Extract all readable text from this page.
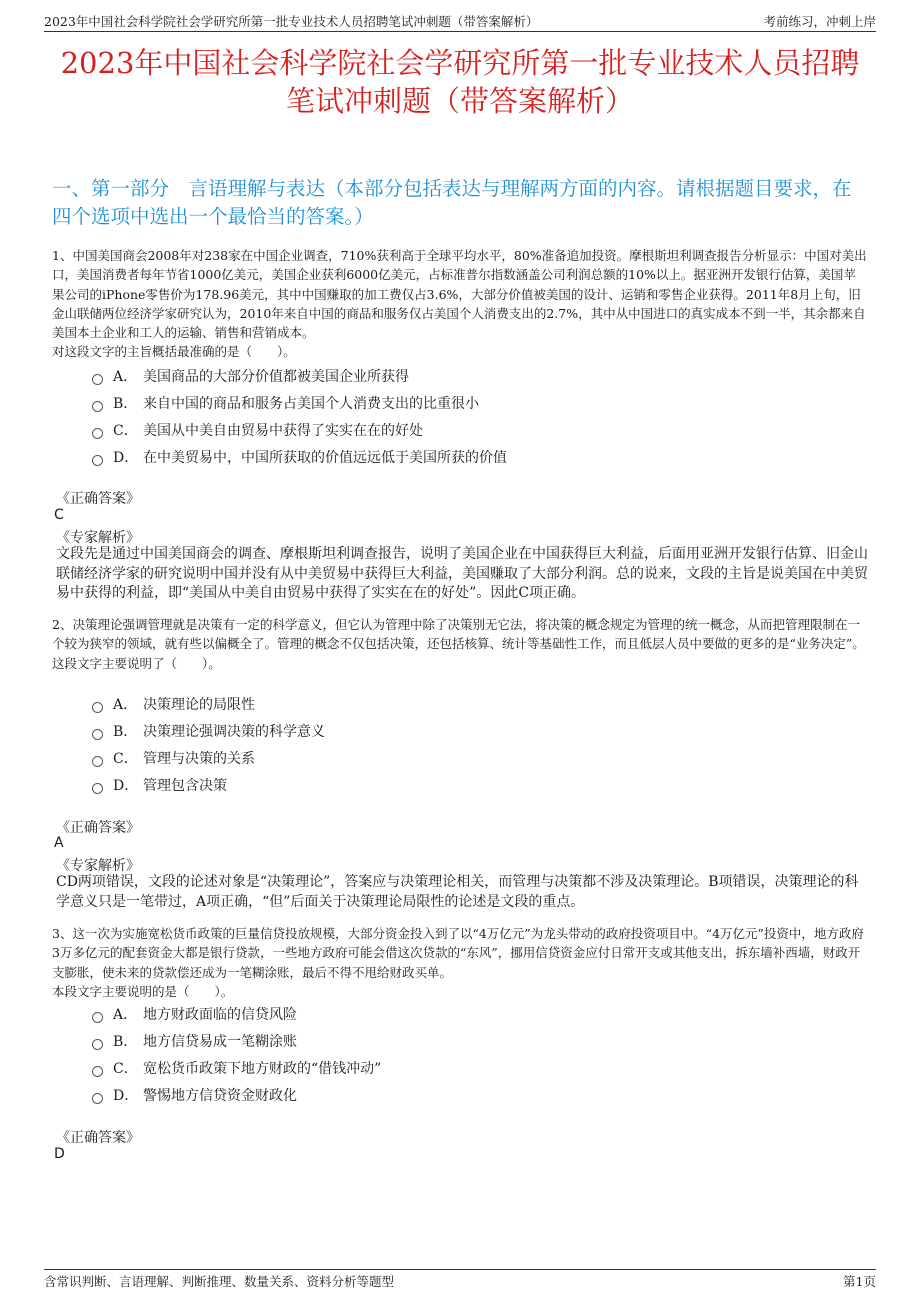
2023年中国社会科学院社会学研究所第一批专业技术人员招聘笔试冲刺题（带答案解析）	考前练习，冲刺上岸
2023年中国社会科学院社会学研究所第一批专业技术人员招聘
笔试冲刺题（带答案解析）
一、第一部分　言语理解与表达（本部分包括表达与理解两方面的内容。请根据题目要求，在四个选项中选出一个最恰当的答案。）

1、中国美国商会2008年对238家在中国企业调查，710%获利高于全球平均水平，80%准备追加投资。摩根斯坦利调查报告分析显示：中国对美出口，美国消费者每年节省1000亿美元，美国企业获利6000亿美元，占标准普尔指数涵盖公司利润总额的10%以上。据亚洲开发银行估算，美国苹果公司的iPhone零售价为178.96美元，其中中国赚取的加工费仅占3.6%，大部分价值被美国的设计、运销和零售企业获得。2011年8月上旬，旧金山联储两位经济学家研究认为，2010年来自中国的商品和服务仅占美国个人消费支出的2.7%，其中从中国进口的真实成本不到一半，其余都来自美国本土企业和工人的运输、销售和营销成本。

对这段文字的主旨概括最准确的是（　　）。

A． 美国商品的大部分价值都被美国企业所获得
B． 来自中国的商品和服务占美国个人消费支出的比重很小
C． 美国从中美自由贸易中获得了实实在在的好处
D． 在中美贸易中，中国所获取的价值远远低于美国所获的价值
《正确答案》
C
《专家解析》
文段先是通过中国美国商会的调查、摩根斯坦利调查报告，说明了美国企业在中国获得巨大利益，后面用亚洲开发银行估算、旧金山联储经济学家的研究说明中国并没有从中美贸易中获得巨大利益，美国赚取了大部分利润。总的说来，文段的主旨是说美国在中美贸易中获得的利益，即“美国从中美自由贸易中获得了实实在在的好处”。因此C项正确。

2、决策理论强调管理就是决策有一定的科学意义，但它认为管理中除了决策别无它法，将决策的概念规定为管理的统一概念，从而把管理限制在一个较为狭窄的领域，就有些以偏概全了。管理的概念不仅包括决策，还包括核算、统计等基础性工作，而且低层人员中要做的更多的是“业务决定”。

这段文字主要说明了（　　）。

A． 决策理论的局限性
B． 决策理论强调决策的科学意义
C． 管理与决策的关系
D． 管理包含决策
《正确答案》
A
《专家解析》
CD两项错误，文段的论述对象是“决策理论”，答案应与决策理论相关，而管理与决策都不涉及决策理论。B项错误，决策理论的科学意义只是一笔带过，A项正确，“但”后面关于决策理论局限性的论述是文段的重点。

3、这一次为实施宽松货币政策的巨量信贷投放规模，大部分资金投入到了以“4万亿元”为龙头带动的政府投资项目中。“4万亿元”投资中，地方政府3万多亿元的配套资金大都是银行贷款，一些地方政府可能会借这次贷款的“东风”，挪用信贷资金应付日常开支或其他支出，拆东墙补西墙，财政开支膨胀，使未来的贷款偿还成为一笔糊涂账，最后不得不甩给财政买单。

本段文字主要说明的是（　　）。

A． 地方财政面临的信贷风险
B． 地方信贷易成一笔糊涂账
C． 宽松货币政策下地方财政的“借钱冲动”
D． 警惕地方信贷资金财政化
《正确答案》
D
含常识判断、言语理解、判断推理、数量关系、资料分析等题型	第1页
